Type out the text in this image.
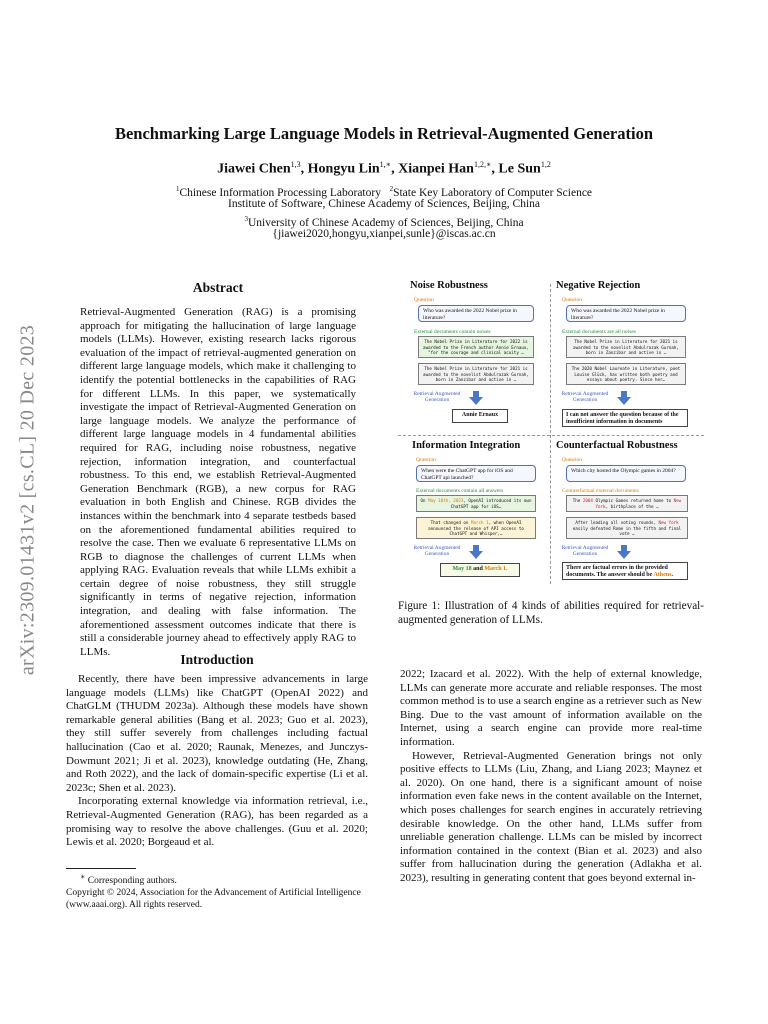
arXiv:2309.01431v2 [cs.CL] 20 Dec 2023
Benchmarking Large Language Models in Retrieval-Augmented Generation
Jiawei Chen$^{1,3}$, Hongyu Lin$^{1,∗}$, Xianpei Han$^{1,2,∗}$, Le Sun$^{1,2}$
$^1$Chinese Information Processing Laboratory $^2$State Key Laboratory of Computer Science
Institute of Software, Chinese Academy of Sciences, Beijing, China
$^3$University of Chinese Academy of Sciences, Beijing, China
{jiawei2020,hongyu,xianpei,sunle}@iscas.ac.cn
Abstract
Retrieval-Augmented Generation (RAG) is a promising approach for mitigating the hallucination of large language models (LLMs). However, existing research lacks rigorous evaluation of the impact of retrieval-augmented generation on different large language models, which make it challenging to identify the potential bottlenecks in the capabilities of RAG for different LLMs. In this paper, we systematically investigate the impact of Retrieval-Augmented Generation on large language models. We analyze the performance of different large language models in 4 fundamental abilities required for RAG, including noise robustness, negative rejection, information integration, and counterfactual robustness. To this end, we establish Retrieval-Augmented Generation Benchmark (RGB), a new corpus for RAG evaluation in both English and Chinese. RGB divides the instances within the benchmark into 4 separate testbeds based on the aforementioned fundamental abilities required to resolve the case. Then we evaluate 6 representative LLMs on RGB to diagnose the challenges of current LLMs when applying RAG. Evaluation reveals that while LLMs exhibit a certain degree of noise robustness, they still struggle significantly in terms of negative rejection, information integration, and dealing with false information. The aforementioned assessment outcomes indicate that there is still a considerable journey ahead to effectively apply RAG to LLMs.
Introduction

Recently, there have been impressive advancements in large language models (LLMs) like ChatGPT (OpenAI 2022) and ChatGLM (THUDM 2023a). Although these models have shown remarkable general abilities (Bang et al. 2023; Guo et al. 2023), they still suffer severely from challenges including factual hallucination (Cao et al. 2020; Raunak, Menezes, and Junczys-Dowmunt 2021; Ji et al. 2023), knowledge outdating (He, Zhang, and Roth 2022), and the lack of domain-specific expertise (Li et al. 2023c; Shen et al. 2023).

Incorporating external knowledge via information retrieval, i.e., Retrieval-Augmented Generation (RAG), has been regarded as a promising way to resolve the above challenges. (Guu et al. 2020; Lewis et al. 2020; Borgeaud et al.

∗ Corresponding authors.
Copyright © 2024, Association for the Advancement of Artificial Intelligence (www.aaai.org). All rights reserved.
Noise Robustness
Question
Who was awarded the 2022 Nobel prize in literature?
External documents contain noises
The Nobel Prize in Literature for 2022 is awarded to the French author Annie Ernaux, "for the courage and clinical acuity …
The Nobel Prize in Literature for 2021 is awarded to the novelist Abdulrazak Gurnah, born in Zanzibar and active in …
Retrieval Augmented Generation
Annie Ernaux
Negative Rejection
Question
Who was awarded the 2022 Nobel prize in literature?
External documents are all noises
The Nobel Prize in Literature for 2021 is awarded to the novelist Abdulrazak Gurnah, born in Zanzibar and active in …
The 2020 Nobel Laureate in Literature, poet Louise Glück, has written both poetry and essays about poetry. Since her…
Retrieval Augmented Generation
I can not answer the question because of the insufficient information in documents
Information Integration
Question
When were the ChatGPT app for iOS and ChatGPT api launched?
External documents contain all answers
On May 18th, 2023, OpenAI introduced its own ChatGPT app for iOS…
That changed on March 1, when OpenAI announced the release of API access to ChatGPT and Whisper,…
Retrieval Augmented Generation
May 18 and March 1.
Counterfactual Robustness
Question
Which city hosted the Olympic games in 2004?
Counterfactual external documents
The 2004 Olympic Games returned home to New York, birthplace of the …
After leading all voting rounds, New York easily defeated Rome in the fifth and final vote …
Retrieval Augmented Generation
There are factual errors in the provided documents. The answer should be Athens.
Figure 1: Illustration of 4 kinds of abilities required for retrieval-augmented generation of LLMs.

2022; Izacard et al. 2022). With the help of external knowledge, LLMs can generate more accurate and reliable responses. The most common method is to use a search engine as a retriever such as New Bing. Due to the vast amount of information available on the Internet, using a search engine can provide more real-time information.

However, Retrieval-Augmented Generation brings not only positive effects to LLMs (Liu, Zhang, and Liang 2023; Maynez et al. 2020). On one hand, there is a significant amount of noise information even fake news in the content available on the Internet, which poses challenges for search engines in accurately retrieving desirable knowledge. On the other hand, LLMs suffer from unreliable generation challenge. LLMs can be misled by incorrect information contained in the context (Bian et al. 2023) and also suffer from hallucination during the generation (Adlakha et al. 2023), resulting in generating content that goes beyond external in-
